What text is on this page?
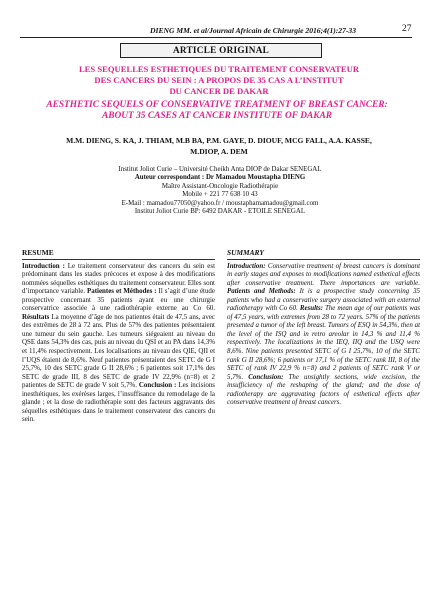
DIENG MM. et al/Journal Africain de Chirurgie 2016;4(1):27-33	27
ARTICLE ORIGINAL
LES SEQUELLES ESTHETIQUES DU TRAITEMENT CONSERVATEUR
DES CANCERS DU SEIN : A PROPOS DE 35 CAS A L’INSTITUT
DU CANCER DE DAKAR
AESTHETIC SEQUELS OF CONSERVATIVE TREATMENT OF BREAST CANCER:
ABOUT 35 CASES AT CANCER INSTITUTE OF DAKAR
M.M. DIENG, S. KA, J. THIAM, M.B BA, P.M. GAYE, D. DIOUF, MCG FALL, A.A. KASSE,
M.DIOP, A. DEM
Institut Joliot Curie – Université Cheikh Anta DIOP de Dakar SENEGAL
Auteur correspondant : Dr Mamadou Moustapha DIENG
Maître Assistant-Oncologie Radiothérapie
Mobile + 221 77 638 10 43
E-Mail : mamadou77050@yahoo.fr / moustaphamamadou@gmail.com
Institut Joliot Curie BP: 6492 DAKAR - ETOILE SENEGAL
RESUME

Introduction : Le traitement conservateur des cancers du sein est prédominant dans les stades précoces et expose à des modifications nommées séquelles esthétiques du traitement conservateur. Elles sont d’importance variable. Patientes et Méthodes : Il s’agit d’une étude prospective concernant 35 patients ayant eu une chirurgie conservatrice associée à une radiothérapie externe au Co 60. Résultats La moyenne d’âge de nos patientes était de 47,5 ans, avec des extrêmes de 28 à 72 ans. Plus de 57% des patientes présentaient une tumeur du sein gauche. Les tumeurs siégeaient au niveau du QSE dans 54,3% des cas, puis au niveau du QSI et au PA dans 14,3% et 11,4% respectivement. Les localisations au niveau des QIE, QII et l’UQS étaient de 8,6%. Neuf patientes présentaient des SETC de G I 25,7%, 10 des SETC grade G II 28,6% ; 6 patientes soit 17,1% des SETC de grade III, 8 des SETC de grade IV 22,9% (n=8) et 2 patientes de SETC de grade V soit 5,7%. Conclusion : Les incisions inesthétiques, les exérèses larges, l’insuffisance du remodelage de la glande ; et la dose de radiothérapie sont des facteurs aggravants des séquelles esthétiques dans le traitement conservateur des cancers du sein.

SUMMARY

Introduction: Conservative treatment of breast cancers is dominant in early stages and exposes to modifications named esthetical effects after conservative treatment. There importances are variable. Patients and Methods: It is a prospective study concerning 35 patients who had a conservative surgery associated with an external radiotherapy with Co 60. Results: The mean age of our patients was of 47,5 years, with extremes from 28 to 72 years. 57% of the patients presented a tumor of the left breast. Tumors of ESQ in 54,3%, then at the level of the ISQ and in retro areolar in 14,3 % and 11,4 % respectively. The localizations in the IEQ, IIQ and the USQ were 8,6%. Nine patients presented SETC of G I 25,7%, 10 of the SETC rank G II 28,6%; 6 patients or 17,1 % of the SETC rank III, 8 of the SETC of rank IV 22,9 % n=8) and 2 patients of SETC rank V or 5,7%. Conclusion: The unsightly sections, wide excision, the insufficiency of the reshaping of the gland; and the dose of radiotherapy are aggravating factors of esthetical effects after conservative treatment of breast cancers.
